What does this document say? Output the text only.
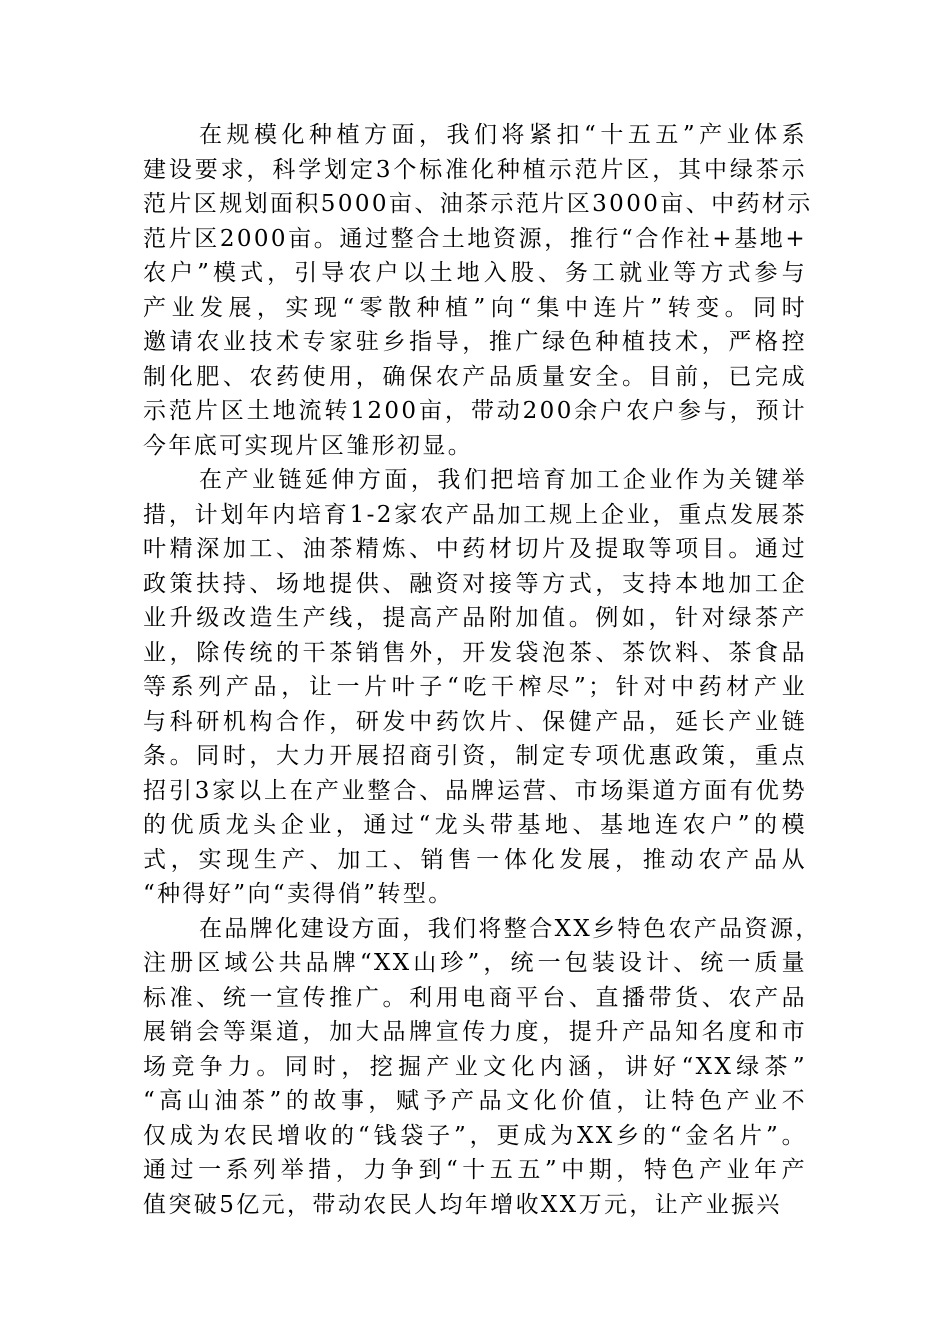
在规模化种植方面，我们将紧扣“十五五”产业体系
建设要求，科学划定3个标准化种植示范片区，其中绿茶示
范片区规划面积5000亩、油茶示范片区3000亩、中药材示
范片区2000亩。通过整合土地资源，推行“合作社+基地+
农户”模式，引导农户以土地入股、务工就业等方式参与
产业发展，实现“零散种植”向“集中连片”转变。同时
邀请农业技术专家驻乡指导，推广绿色种植技术，严格控
制化肥、农药使用，确保农产品质量安全。目前，已完成
示范片区土地流转1200亩，带动200余户农户参与，预计
今年底可实现片区雏形初显。
在产业链延伸方面，我们把培育加工企业作为关键举
措，计划年内培育1-2家农产品加工规上企业，重点发展茶
叶精深加工、油茶精炼、中药材切片及提取等项目。通过
政策扶持、场地提供、融资对接等方式，支持本地加工企
业升级改造生产线，提高产品附加值。例如，针对绿茶产
业，除传统的干茶销售外，开发袋泡茶、茶饮料、茶食品
等系列产品，让一片叶子“吃干榨尽”；针对中药材产业
与科研机构合作，研发中药饮片、保健产品，延长产业链
条。同时，大力开展招商引资，制定专项优惠政策，重点
招引3家以上在产业整合、品牌运营、市场渠道方面有优势
的优质龙头企业，通过“龙头带基地、基地连农户”的模
式，实现生产、加工、销售一体化发展，推动农产品从
“种得好”向“卖得俏”转型。
在品牌化建设方面，我们将整合XX乡特色农产品资源，
注册区域公共品牌“XX山珍”，统一包装设计、统一质量
标准、统一宣传推广。利用电商平台、直播带货、农产品
展销会等渠道，加大品牌宣传力度，提升产品知名度和市
场竞争力。同时，挖掘产业文化内涵，讲好“XX绿茶”
“高山油茶”的故事，赋予产品文化价值，让特色产业不
仅成为农民增收的“钱袋子”，更成为XX乡的“金名片”。
通过一系列举措，力争到“十五五”中期，特色产业年产
值突破5亿元，带动农民人均年增收XX万元，让产业振兴
